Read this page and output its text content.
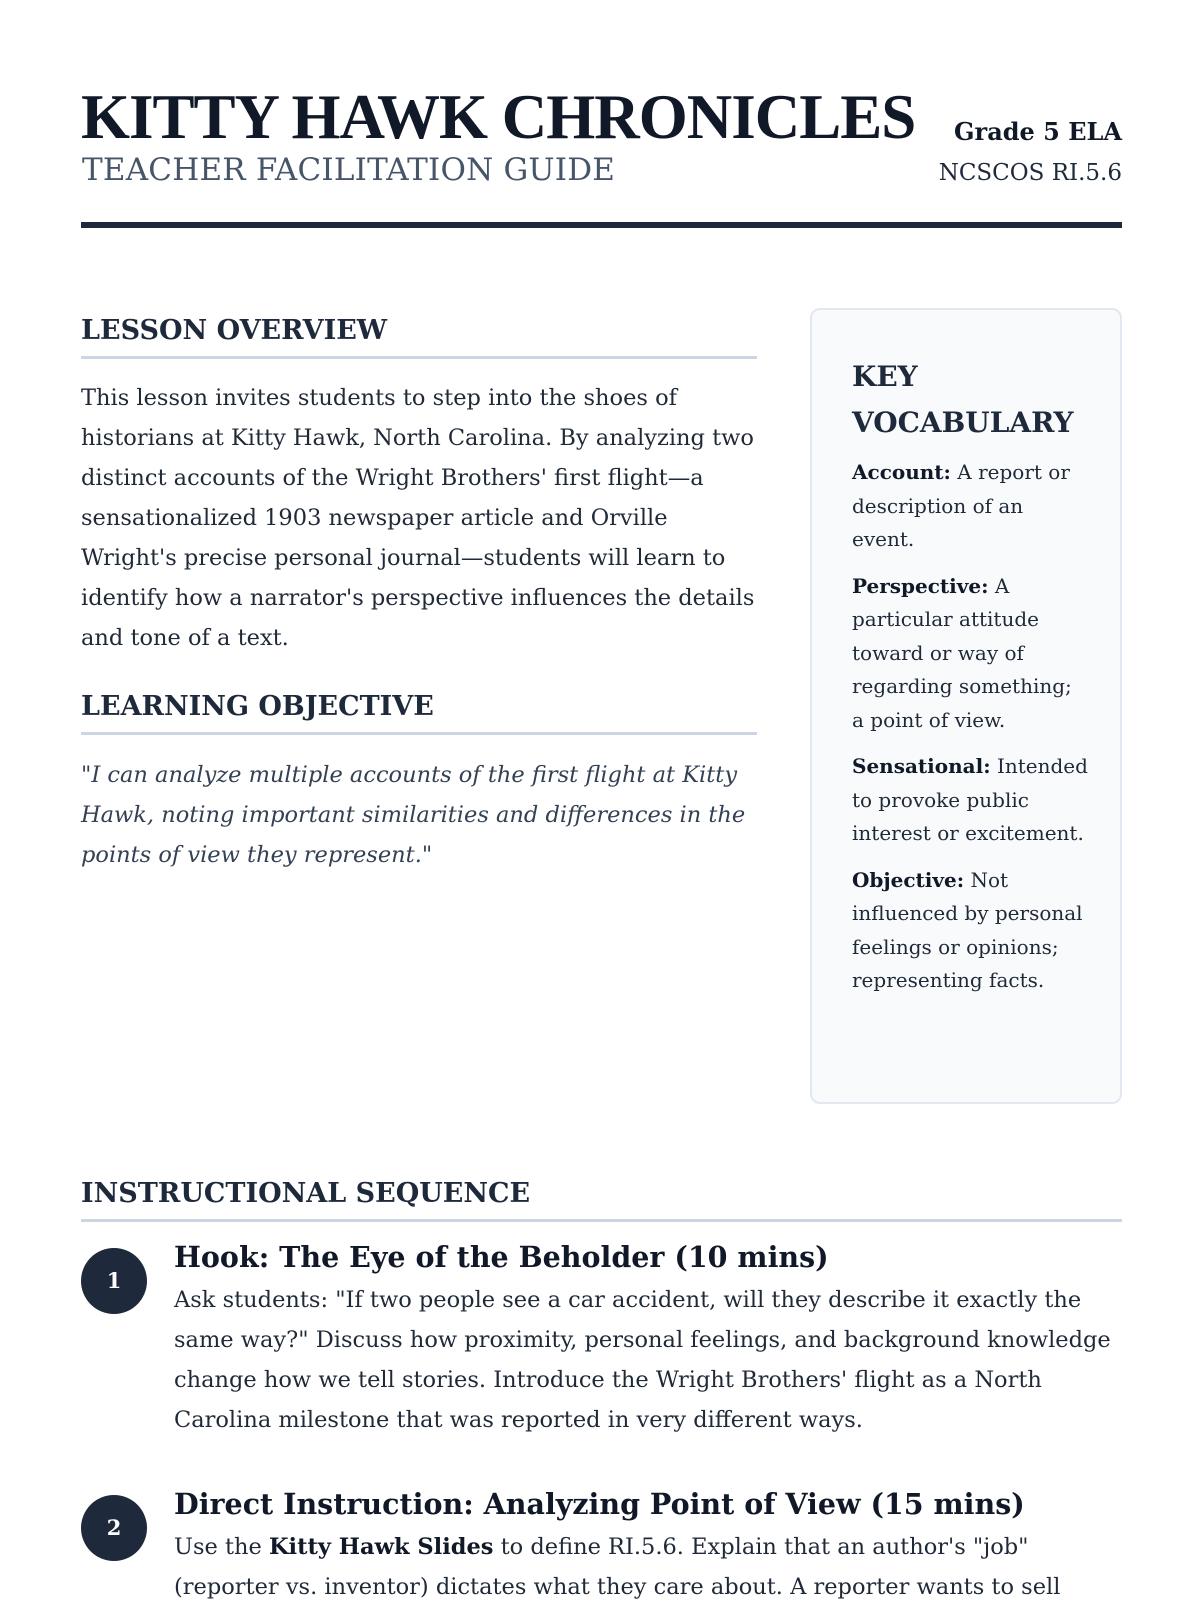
KITTY HAWK CHRONICLES
TEACHER FACILITATION GUIDE
Grade 5 ELA
NCSCOS RI.5.6
LESSON OVERVIEW

This lesson invites students to step into the shoes of historians at Kitty Hawk, North Carolina. By analyzing two distinct accounts of the Wright Brothers' first flight—a sensationalized 1903 newspaper article and Orville Wright's precise personal journal—students will learn to identify how a narrator's perspective influences the details and tone of a text.

LEARNING OBJECTIVE

"I can analyze multiple accounts of the first flight at Kitty Hawk, noting important similarities and differences in the points of view they represent."

KEY VOCABULARY
Account: A report or description of an event.
Perspective: A particular attitude toward or way of regarding something; a point of view.
Sensational: Intended to provoke public interest or excitement.
Objective: Not influenced by personal feelings or opinions; representing facts.
INSTRUCTIONAL SEQUENCE
1
Hook: The Eye of the Beholder (10 mins)

Ask students: "If two people see a car accident, will they describe it exactly the same way?" Discuss how proximity, personal feelings, and background knowledge change how we tell stories. Introduce the Wright Brothers' flight as a North Carolina milestone that was reported in very different ways.

2
Direct Instruction: Analyzing Point of View (15 mins)

Use the Kitty Hawk Slides to define RI.5.6. Explain that an author's "job" (reporter vs. inventor) dictates what they care about. A reporter wants to sell
